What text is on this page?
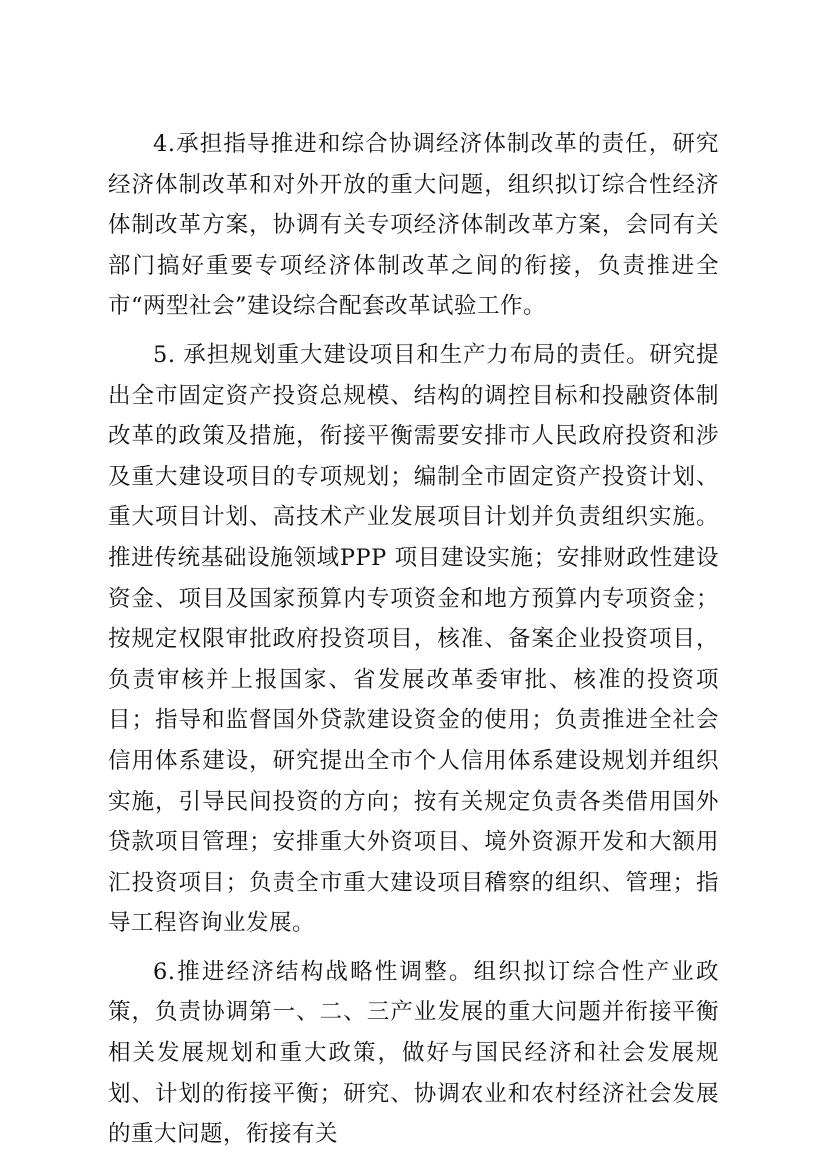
4.承担指导推进和综合协调经济体制改革的责任，研究经济体制改革和对外开放的重大问题，组织拟订综合性经济体制改革方案，协调有关专项经济体制改革方案，会同有关部门搞好重要专项经济体制改革之间的衔接，负责推进全市“两型社会”建设综合配套改革试验工作。

5. 承担规划重大建设项目和生产力布局的责任。研究提出全市固定资产投资总规模、结构的调控目标和投融资体制改革的政策及措施，衔接平衡需要安排市人民政府投资和涉及重大建设项目的专项规划；编制全市固定资产投资计划、重大项目计划、高技术产业发展项目计划并负责组织实施。推进传统基础设施领域PPP 项目建设实施；安排财政性建设资金、项目及国家预算内专项资金和地方预算内专项资金；按规定权限审批政府投资项目，核准、备案企业投资项目，负责审核并上报国家、省发展改革委审批、核准的投资项目；指导和监督国外贷款建设资金的使用；负责推进全社会信用体系建设，研究提出全市个人信用体系建设规划并组织实施，引导民间投资的方向；按有关规定负责各类借用国外贷款项目管理；安排重大外资项目、境外资源开发和大额用汇投资项目；负责全市重大建设项目稽察的组织、管理；指导工程咨询业发展。

6.推进经济结构战略性调整。组织拟订综合性产业政策，负责协调第一、二、三产业发展的重大问题并衔接平衡相关发展规划和重大政策，做好与国民经济和社会发展规划、计划的衔接平衡；研究、协调农业和农村经济社会发展的重大问题，衔接有关
